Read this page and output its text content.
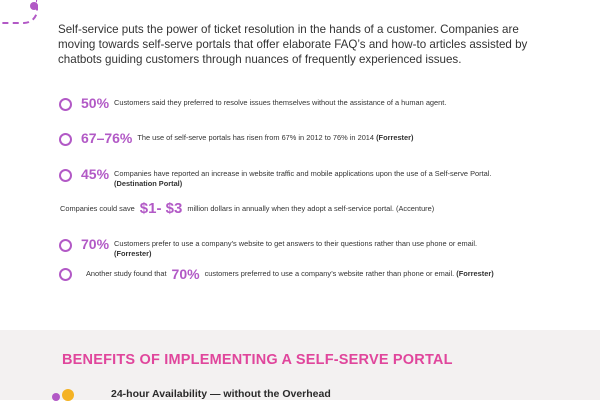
Self-service puts the power of ticket resolution in the hands of a customer. Companies are moving towards self-serve portals that offer elaborate FAQ’s and how-to articles assisted by chatbots guiding customers through nuances of frequently experienced issues.

50% Customers said they preferred to resolve issues themselves without the assistance of a human agent.
67–76% The use of self-serve portals has risen from 67% in 2012 to 76% in 2014 (Forrester)
45% Companies have reported an increase in website traffic and mobile applications upon the use of a Self-serve Portal.
(Destination Portal)
Companies could save $1- $3 million dollars in annually when they adopt a self-service portal. (Accenture)
70% Customers prefer to use a company’s website to get answers to their questions rather than use phone or email.
(Forrester)
Another study found that 70% customers preferred to use a company’s website rather than phone or email. (Forrester)
BENEFITS OF IMPLEMENTING A SELF-SERVE PORTAL
24-hour Availability — without the Overhead
